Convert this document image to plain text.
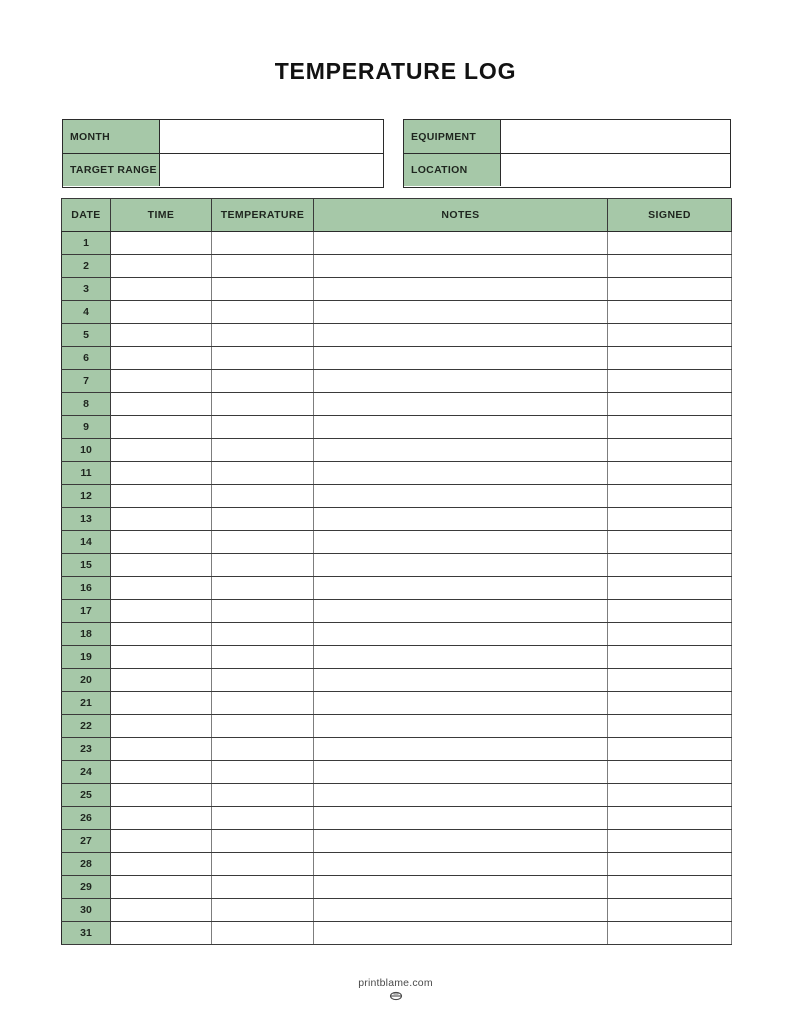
TEMPERATURE LOG
MONTH
TARGET RANGE
EQUIPMENT
LOCATION
DATE	TIME	TEMPERATURE	NOTES	SIGNED
1				
2				
3				
4				
5				
6				
7				
8				
9				
10				
11				
12				
13				
14				
15				
16				
17				
18				
19				
20				
21				
22				
23				
24				
25				
26				
27				
28				
29				
30				
31				
printblame.com
